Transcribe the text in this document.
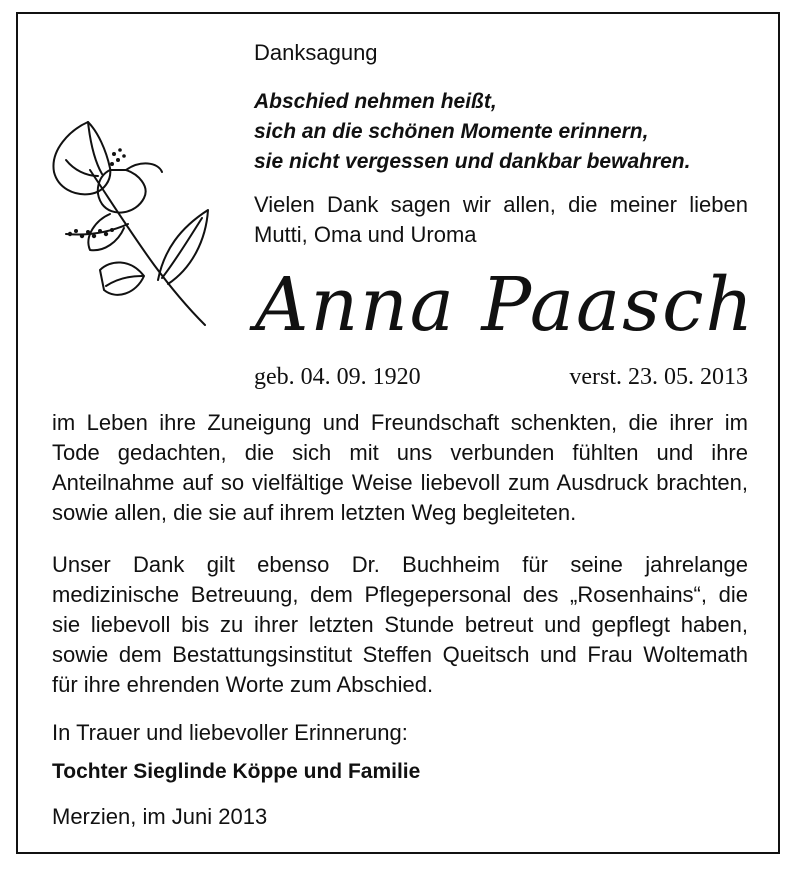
Danksagung
Abschied nehmen heißt,
sich an die schönen Momente erinnern,
sie nicht vergessen und dankbar bewahren.
Vielen Dank sagen wir allen, die meiner lieben Mutti, Oma und Uroma
Anna Paasch
geb. 04. 09. 1920	verst. 23. 05. 2013
im Leben ihre Zuneigung und Freundschaft schenkten, die ihrer im Tode gedachten, die sich mit uns verbunden fühlten und ihre Anteilnahme auf so vielfältige Weise liebevoll zum Ausdruck brachten, sowie allen, die sie auf ihrem letzten Weg begleiteten.
Unser Dank gilt ebenso Dr. Buchheim für seine jahrelange medizinische Betreuung, dem Pflegepersonal des „Rosenhains“, die sie liebevoll bis zu ihrer letzten Stunde betreut und gepflegt haben, sowie dem Bestattungsinstitut Steffen Queitsch und Frau Woltemath für ihre ehrenden Worte zum Abschied.
In Trauer und liebevoller Erinnerung:
Tochter Sieglinde Köppe und Familie
Merzien, im Juni 2013
